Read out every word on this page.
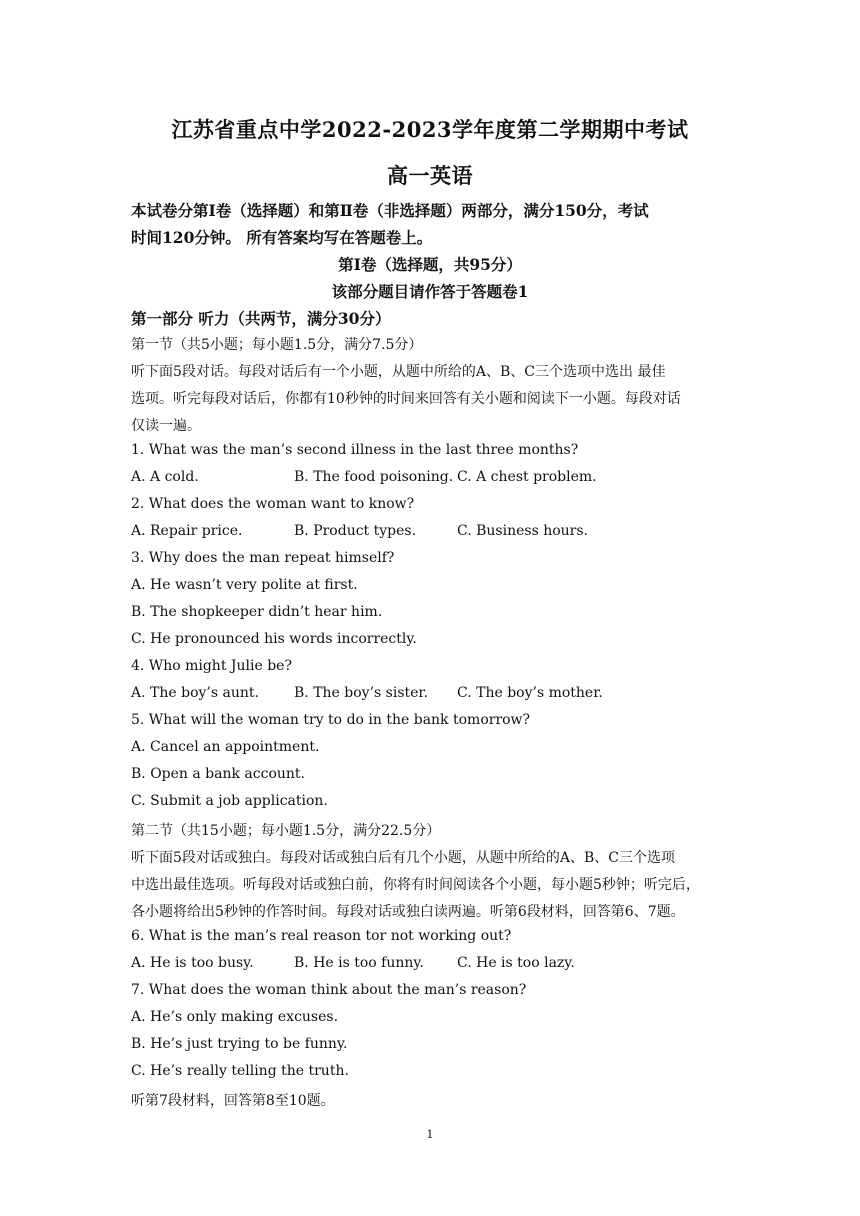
江苏省重点中学2022-2023学年度第二学期期中考试
高一英语
本试卷分第Ⅰ卷（选择题）和第Ⅱ卷（非选择题）两部分，满分150分，考试
时间120分钟。 所有答案均写在答题卷上。
第Ⅰ卷（选择题，共95分）
该部分题目请作答于答题卷1
第一部分 听力（共两节，满分30分）
第一节（共5小题；每小题1.5分，满分7.5分）
听下面5段对话。每段对话后有一个小题，从题中所给的A、B、C三个选项中选出 最佳
选项。听完每段对话后，你都有10秒钟的时间来回答有关小题和阅读下一小题。每段对话
仅读一遍。
1. What was the man’s second illness in the last three months?
A. A cold.	B. The food poisoning. C. A chest problem.
2. What does the woman want to know?
A. Repair price.	B. Product types.	C. Business hours.
3. Why does the man repeat himself?
A. He wasn’t very polite at first.
B. The shopkeeper didn’t hear him.
C. He pronounced his words incorrectly.
4. Who might Julie be?
A. The boy’s aunt.	B. The boy’s sister. C. The boy’s mother.
5. What will the woman try to do in the bank tomorrow?
A. Cancel an appointment.
B. Open a bank account.
C. Submit a job application.
第二节（共15小题；每小题1.5分，满分22.5分）
听下面5段对话或独白。每段对话或独白后有几个小题，从题中所给的A、B、C三个选项
中选出最佳选项。听每段对话或独白前，你将有时间阅读各个小题，每小题5秒钟；听完后，
各小题将给出5秒钟的作答时间。每段对话或独白读两遍。听第6段材料，回答第6、7题。
6. What is the man’s real reason tor not working out?
A. He is too busy.	B. He is too funny. C. He is too lazy.
7. What does the woman think about the man’s reason?
A. He’s only making excuses.
B. He’s just trying to be funny.
C. He’s really telling the truth.
听第7段材料，回答第8至10题。
1
